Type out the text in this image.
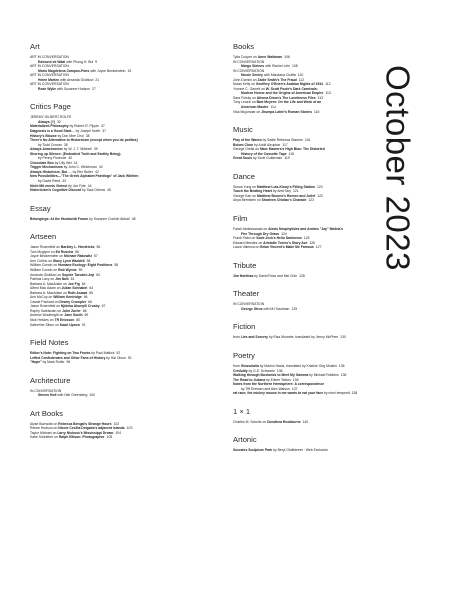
Art
ART IN CONVERSATION
Edmund de Waal with Phong H. Bui 9
ART IN CONVERSATION
Mario Magdelena Campos-Pons with Joyce Beckenstein 15
ART IN CONVERSATION
Helen Marten with Amanda Gluibizzi 21
ART IN CONVERSATION
Rose Wylie with Suzanne Hudson 27
Critics Page
JEREMY GILBERT-ROLFE
Always (?) 32
Materialized Philosophy by Robert R. Pippin 37
Diagnosis is a Good Start… by Joseph North 37
History's Blouse by Don Mee Choi 38
There's No Alternative to Historicism (except when you do politics)
by Todd Cronan 38
Always Anachronize by W. J. T. Mitchell 39
Shoring up Silence. (Embodied Truth and Earthly Being).
by Penny Florence 40
Chocolate Box by Lilly Wei 41
Trigger Mechanisms by John C. Welchman 42
Always Historicize, But … by Rex Butler 42
New Possibilities—"The Greek Alphabet Paintings" of Jack Whitten
by David Reed 43
Nicht Mit meets Vintest by Joe Fyfe 44
Historicism's Cognitive Discord by Saul Ostrow 45
Essay
Belongings: At the Humboldt Forum by Suzanne Conklin Akbari 48
Artseen
Jason Rosenfeld on Barkley L. Hendricks 56
Tom Mcglynn on Ed Ruscha 56
Joyce Beckenstein on Michael Rakowitz 57
Ann Collins on Stacy Lynn Waddell 58
William Corwin on Humane Ecology: Eight Positions 58
William Corwin on Rob Wynne 59
Amanda Gluibizzi on Sophie Taeuber-Arp 60
Patricia Laxy on Jim Nutt 61
Barbara A. MacAdam on Joe Fig 64
Alfred Mac Adam on Julian Schnabel 64
Barbara A. MacAdam on Ruth Asawa 65
Ann McCoy on William Kentridge 66
Cassie Packard on Dewey Crumpler 66
Jason Rosenfeld on Njideka Akunyili Crosby 67
Raphy Sarkissian on John Zurier 68
Andrew Woolbright on Jane South 69
Nick Heskes on TR Ericsson 80
Katherine Sibon on Kaari Upson 91
Field Notes
Editor's Note: Fighting on Two Fronts by Paul Mattick 92
Leftist Confederates and Other Fans of History by Hal Olson 92
"Hope" by Mark Roller 96
Architecture
IN CONVERSATION
Steven Holl with Nile Greenberg 100
Art Books
Alyse Burnside on Rebecca Bengal's Strange Hours 102
Renee Hudson on Nicole Cecilia Delgado's adjacent islands 103
Taylor Michael on Larry Nishuss's Mississippi Dream 104
Katie Schreiber on Ralph Ellison: Photographer 105
Books
Tylia Cooper on Anne Waldman 106
IN CONVERSATION
Margo Steines with Rachel Lein 108
IN CONVERSATION
Nicole Seeley with Mandana Chaffa 110
John Domini on Zadie Smith's The Fraud 112
Nolan Kelly on Geoffrey O'Brien's Arabian Nights of 1934 112
Yvonne C. Garrett on W. Scott Poole's Dark Carnivals:
Modern Horror and the Origins of American Empire 113
Sara Polsky on Athena Dixon's The Loneliness Files 113
Tony Leuzzi on Bart Meyers: On the Life and Work of an
American Master 114
Vika Mujumdar on Jhumpa Lahiri's Roman Stories 115
Music
Play of the Waves by Sadie Rebecca Starnes 116
Bolom Chon by Adolf Alzuphar 117
George Grella on Marc Masters's High Bias: The Distorted
History of the Cassette Tape 118
Great Souls by Scott Gutterman 119
Dance
Susan Yung on Matthew Lutz-Kinoy's Filling Station 120
Touch the Beating Heart by Amit Noy 121
George Kan on Matthew Bourne's Romeo and Juliet 122
Anya Bernstein on Sharleen Chidiac's Charade 123
Film
Farah Abdessamad on Alexis Neophytides and Andres "Jay" Molina's
Fire Through Dry Grass 124
Frank Falisi on Sode Jeck's Hello Dankness 125
Edward Mendez on Aristotle Torres's Story Ave 126
Laura Valenza on Brian Vincent's Make Me Famous 127
Tribute
Jim Harithas by David Ross and Mel Chin 128
Theater
IN CONVERSATION
George Strus with MJ Kaufman 129
Fiction
from Lies and Sorcery by Elsa Morante, translated by Jenny McPhee 130
Poetry
from Glossolalia by Marlon Hacla, translated by Kristine Ong Muslim 136
Credulity by G.E. Schwartz 136
Walking through Bushwick to Meet My Gamma by Michael Robbins 136
The Road to Juliana by Eileen Tabios 136
Notes from the Northern Hemisphere: A correspondence
by Tiff Dressen and Alex Watson 137
rat race; the mickey mouse in me wants to eat your face by mimi tempestt 138
1 × 1
Charles M. Schultz on Dorothea Rockburne 140
Artonic
Socrates Sculpture Park by Beryl Glotthieeet · Web Exclusive
October 2023
